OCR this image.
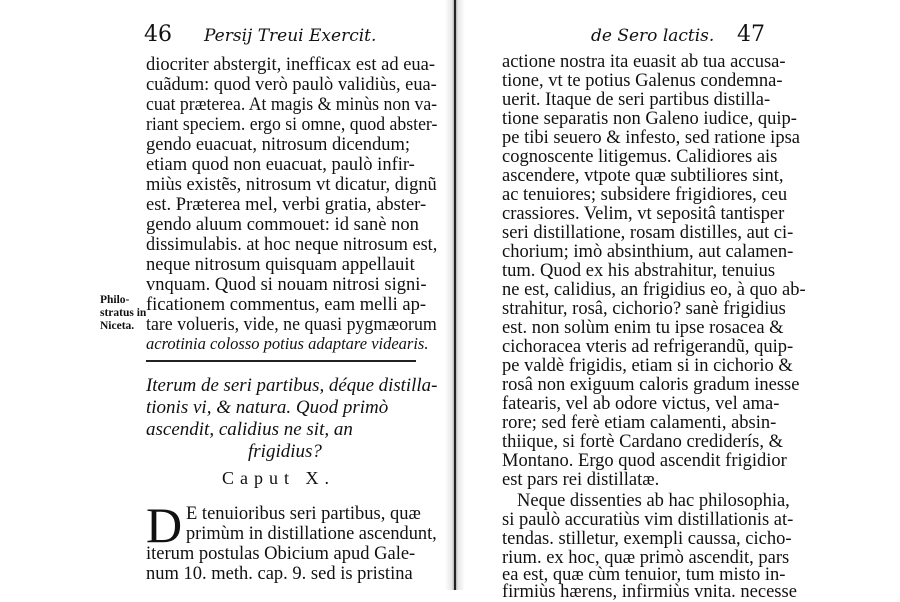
46 Persij Treui Exercit.
diocriter abstergit, inefficax est ad eua-
cuãdum: quod verò paulò validiùs, eua-
cuat præterea. At magis & minùs non va-
riant speciem. ergo si omne, quod abster-
gendo euacuat, nitrosum dicendum;
etiam quod non euacuat, paulò infir-
miùs existẽs, nitrosum vt dicatur, dignũ
est. Præterea mel, verbi gratia, abster-
gendo aluum commouet: id sanè non
dissimulabis. at hoc neque nitrosum est,
neque nitrosum quisquam appellauit
vnquam. Quod si nouam nitrosi signi-
ficationem commentus, eam melli ap-
tare volueris, vide, ne quasi pygmæorum
acrotinia colosso potius adaptare videaris.
Philo-
stratus in
Nicetа.
Iterum de seri partibus, déque distilla-
tionis vi, & natura. Quod primò
ascendit, calidius ne sit, an
frigidius?
Caput X.
D E tenuioribus seri partibus, quæ
primùm in distillatione ascendunt,
iterum postulas Obicium apud Gale-
num 10. meth. cap. 9. sed is pristina
de Sero lactis. 47
actione nostra ita euasit ab tua accusa-
tione, vt te potius Galenus condemna-
uerit. Itaque de seri partibus distilla-
tione separatis non Galeno iudice, quip-
pe tibi seuero & infesto, sed ratione ipsa
cognoscente litigemus. Calidiores ais
ascendere, vtpote quæ subtiliores sint,
ac tenuiores; subsidere frigidiores, ceu
crassiores. Velim, vt sepositâ tantisper
seri distillatione, rosam distilles, aut ci-
chorium; imò absinthium, aut calamen-
tum. Quod ex his abstrahitur, tenuius
ne est, calidius, an frigidius eo, à quo ab-
strahitur, rosâ, cichorio? sanè frigidius
est. non solùm enim tu ipse rosacea &
cichoracea vteris ad refrigerandũ, quip-
pe valdè frigidis, etiam si in cichorio &
rosâ non exiguum caloris gradum inesse
fatearis, vel ab odore victus, vel ama-
rore; sed ferè etiam calamenti, absin-
thiique, si fortè Cardano crediderís, &
Montano. Ergo quod ascendit frigidior
est pars rei distillatæ.
Neque dissenties ab hac philosophia,
si paulò accuratiùs vim distillationis at-
tendas. stilletur, exempli caussa, cicho-
rium. ex hoc, quæ primò ascendit, pars
ea est, quæ cùm tenuior, tum misto in-
firmiùs hærens, infirmiùs vnita. necesse
